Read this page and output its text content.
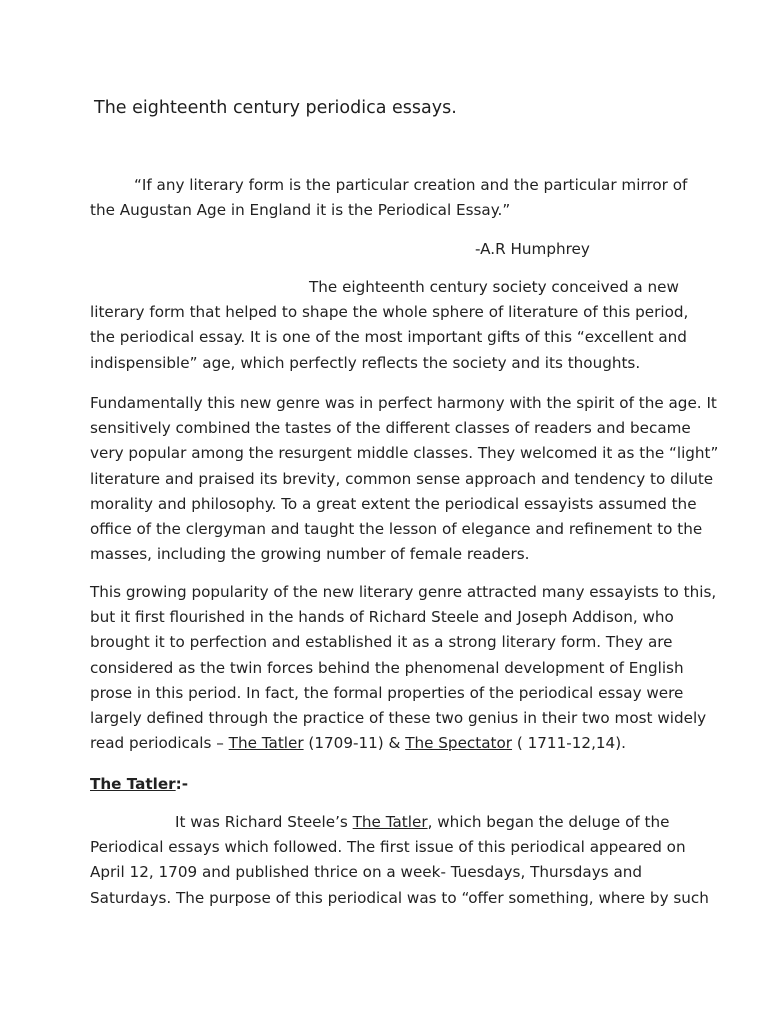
The eighteenth century periodica essays.
“If any literary form is the particular creation and the particular mirror of
the Augustan Age in England it is the Periodical Essay.”

-A.R Humphrey

The eighteenth century society conceived a new
literary form that helped to shape the whole sphere of literature of this period,
the periodical essay. It is one of the most important gifts of this “excellent and
indispensible” age, which perfectly reflects the society and its thoughts.
Fundamentally this new genre was in perfect harmony with the spirit of the age. It
sensitively combined the tastes of the different classes of readers and became
very popular among the resurgent middle classes. They welcomed it as the “light”
literature and praised its brevity, common sense approach and tendency to dilute
morality and philosophy. To a great extent the periodical essayists assumed the
office of the clergyman and taught the lesson of elegance and refinement to the
masses, including the growing number of female readers.
This growing popularity of the new literary genre attracted many essayists to this,
but it first flourished in the hands of Richard Steele and Joseph Addison, who
brought it to perfection and established it as a strong literary form. They are
considered as the twin forces behind the phenomenal development of English
prose in this period. In fact, the formal properties of the periodical essay were
largely defined through the practice of these two genius in their two most widely
read periodicals – The Tatler (1709-11) & The Spectator ( 1711-12,14).

The Tatler:-

It was Richard Steele’s The Tatler, which began the deluge of the
Periodical essays which followed. The first issue of this periodical appeared on
April 12, 1709 and published thrice on a week- Tuesdays, Thursdays and
Saturdays. The purpose of this periodical was to “offer something, where by such
